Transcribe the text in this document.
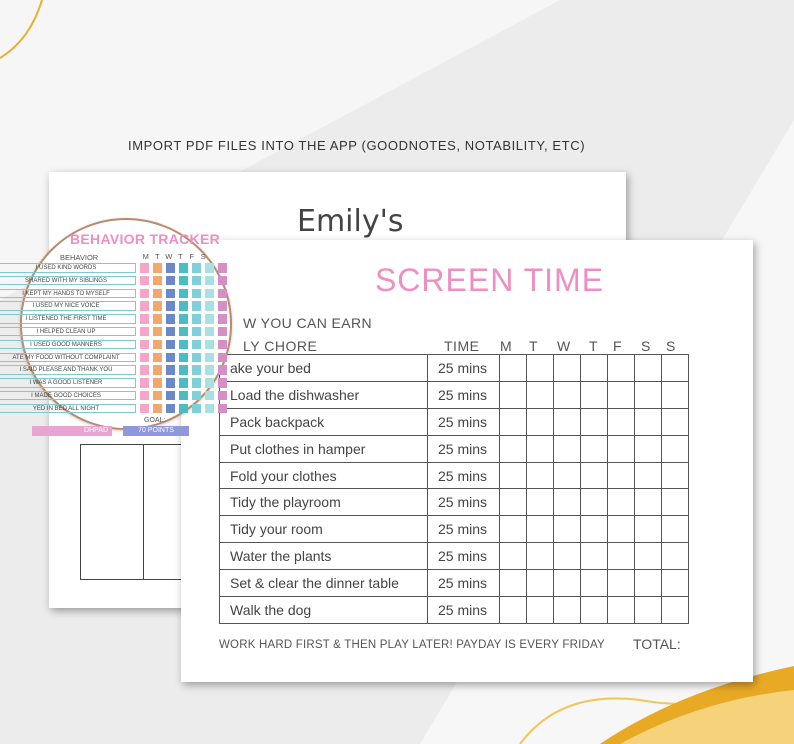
IMPORT PDF FILES INTO THE APP (GOODNOTES, NOTABILITY, ETC)
Emily's
SCREEN TIME
W YOU CAN EARN
LY CHORE	TIME M T W T F S S
ake your bed	25 mins							
Load the dishwasher	25 mins							
Pack backpack	25 mins							
Put clothes in hamper	25 mins							
Fold your clothes	25 mins							
Tidy the playroom	25 mins							
Tidy your room	25 mins							
Water the plants	25 mins							
Set & clear the dinner table	25 mins							
Walk the dog	25 mins							
WORK HARD FIRST & THEN PLAY LATER! PAYDAY IS EVERY FRIDAY TOTAL:
BEHAVIOR TRACKER
BEHAVIOR	M T W T F S
I USED KIND WORDS
SHARED WITH MY SIBLINGS
I KEPT MY HANDS TO MYSELF
I USED MY NICE VOICE
I LISTENED THE FIRST TIME
I HELPED CLEAN UP
I USED GOOD MANNERS
ATE MY FOOD WITHOUT COMPLAINT
I SAID PLEASE AND THANK YOU
I WAS A GOOD LISTENER
I MADE GOOD CHOICES
YED IN BED ALL NIGHT
GOAL:
DHPAD	70 POINTS
